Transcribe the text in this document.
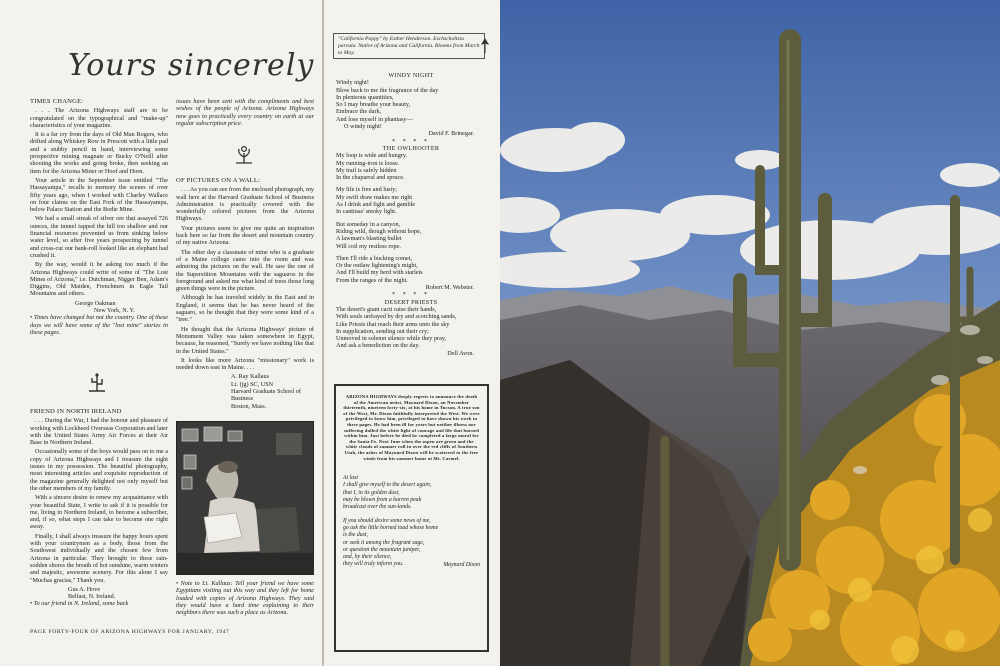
Yours sincerely
TIMES CHANGE:

. . . The Arizona Highways staff are to be congratulated on the typographical and "make-up" characteristics of your magazine.

It is a far cry from the days of Old Man Rogers, who drifted along Whiskey Row in Prescott with a little pad and a stubby pencil in hand, interviewing some prospective mining magnate or Bucky O'Neill after shooting the works and going broke, then seeking an item for the Arizona Miner or Hoof and Horn.

Your article in the September issue entitled "The Hassayampa," recalls to memory the scenes of over fifty years ago, when I worked with Charley Wallace on four claims on the East Fork of the Hassayampa, below Palace Station and the Bodie Mine.

We had a small streak of silver ore that assayed 726 ounces, the tunnel tapped the hill too shallow and our financial resources prevented us from sinking below water level, so after five years prospecting by tunnel and cross-cut our bank-roll looked like an elephant had crushed it.

By the way, would it be asking too much if the Arizona Highways could write of some of "The Lost Mines of Arizona," i.e. Dutchman, Nigger Ben, Adam's Diggins, Old Maiden, Frenchmen in Eagle Tail Mountains and others.

George Oakman

New York, N. Y.

• Times have changed but not the country. One of these days we will have some of the "lost mine" stories in these pages.

FRIEND IN NORTH IRELAND

. . . During the War, I had the honour and pleasure of working with Lockheed Overseas Corporation and later with the United States Army Air Forces at their Air Base in Northern Ireland.

Occasionally some of the boys would pass on to me a copy of Arizona Highways and I treasure the eight issues in my possession. The beautiful photography, most interesting articles and exquisite reproduction of the magazine generally delighted not only myself but the other members of my family.

With a sincere desire to renew my acquaintance with your beautiful State, I write to ask if it is possible for me, living in Northern Ireland, to become a subscriber, and, if so, what steps I can take to become one right away.

Finally, I shall always treasure the happy hours spent with your countrymen as a body, those from the Southwest individually and the chosen few from Arizona in particular. They brought to these rain-sodden shores the breath of hot sunshine, warm winters and majestic, awesome scenery. For this alone I say "Muchas gracias," Thank you.

Gus A. Hove

Belfast, N. Ireland.

• To our friend in N. Ireland, some back

issues have been sent with the compliments and best wishes of the people of Arizona. Arizona Highways now goes to practically every country on earth at our regular subscription price.
OF PICTURES ON A WALL:

. . . As you can see from the enclosed photograph, my wall here at the Harvard Graduate School of Business Administration is practically covered with the wonderfully colored pictures from the Arizona Highways.

Your pictures seem to give me quite an inspiration back here so far from the desert and mountain country of my native Arizona.

The other day a classmate of mine who is a graduate of a Maine college came into the room and was admiring the pictures on the wall. He saw the one of the Superstition Mountains with the saguaros in the foreground and asked me what kind of trees those long green things were in the picture.

Although he has traveled widely in the East and in England, it seems that he has never heard of the saguaro, so he thought that they were some kind of a "tree."

He thought that the Arizona Highways' picture of Monument Valley was taken somewhere in Egypt, because, he reasoned, "Surely we have nothing like that in the United States."

It looks like more Arizona "missionary" work is needed down east in Maine. . . .

A. Ray Kallaus

Lt. (jg) SC, USN

Harvard Graduate School of Business

Boston, Mass.

• Note to Lt. Kallaus: Tell your friend we have some Egyptians visiting out this way and they left for home loaded with copies of Arizona Highways. They said they would have a hard time explaining to their neighbors there was such a place as Arizona.
"California Poppy" by Esther Henderson. Eschscholtzia parvula. Native of Arizona and California. Blooms from March to May.
WINDY NIGHT
Windy night!
Blow back to me the fragrance of the day
In plenteous quantities,
So I may breathe your beauty,
Embrace the dark,
And lose myself in phantasy—
O windy night!
David F. Brinegar.
* * * *
THE OWLHOOTER
My loop is wide and hungry.
My running-iron is loose.
My trail is safely hidden
In the chaparral and spruce.
My life is free and lusty;
My swift draw makes me right
As I drink and fight and gamble
In cantinas' smoky light.
But someday in a canyon,
Riding wild, though without hope,
A lawman's blasting bullet
Will coil my restless rope.
Then I'll ride a bucking comet,
Or the outlaw lightening's might,
And I'll build my herd with starlets
From the ranges of the night.
Robert M. Webster.
* * * *
DESERT PRIESTS
The desert's giant cacti raise their hands,
With souls unfrayed by dry and scorching sands,
Like Priests that reach their arms unto the sky
In supplication, sending out their cry;
Unmoved in solemn silence while they pray,
And ask a benediction on the day.
Dell Avon.
ARIZONA HIGHWAYS deeply regrets to announce the death of the American artist, Maynard Dixon, on November thirteenth, nineteen forty-six, at his home in Tucson. A true son of the West, Mr. Dixon faithfully interpreted the West. We were privileged to know him, privileged to have shown his work in these pages. He had been ill for years but neither illness nor suffering dulled the white light of courage and life that burned within him. Just before he died he completed a large mural for the Santa Fe. Next June when the aspen are green and the white clouds of summer roll in over the red cliffs of Southern Utah, the ashes of Maynard Dixon will be scattered to the free winds from his summer home at Mt. Carmel.
At last
I shall give myself to the desert again,
that I, in its golden dust,
may be blown from a barren peak
broadcast over the sun-lands.
If you should desire some news of me,
go ask the little horned toad whose home
is the dust,
or seek it among the fragrant sage,
or question the mountain juniper,
and, by their silence,
they will truly inform you.	Maynard Dixon
PAGE FORTY-FOUR OF ARIZONA HIGHWAYS FOR JANUARY, 1947
